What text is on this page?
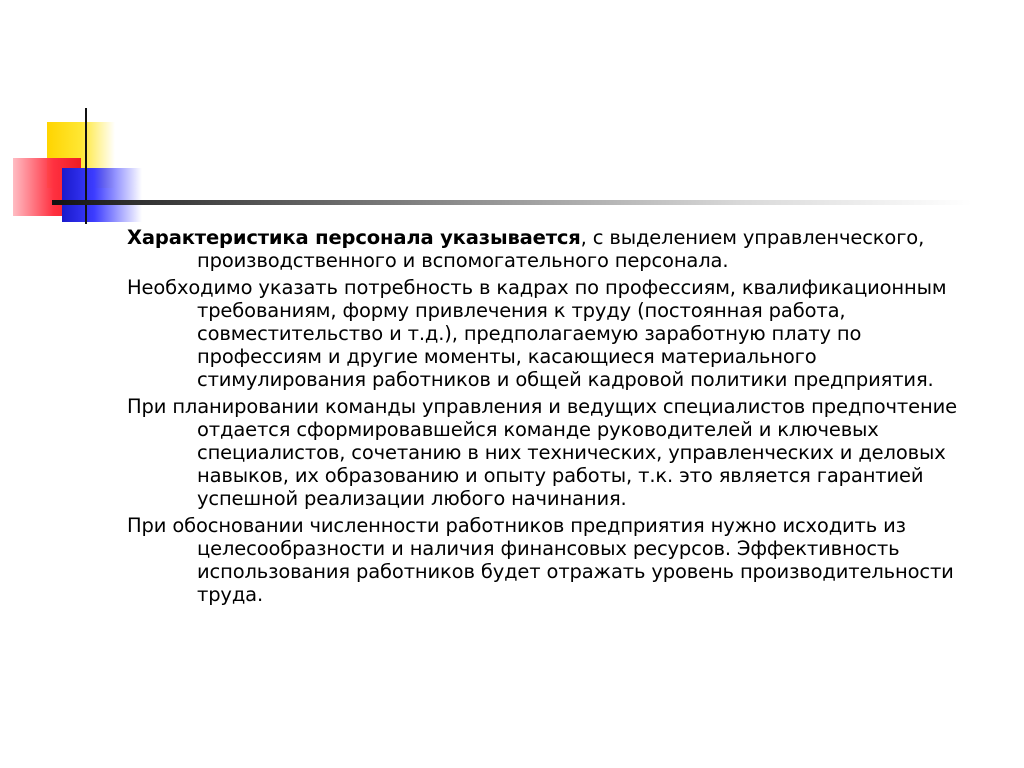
Характеристика персонала указывается, с выделением управленческого, производственного и вспомогательного персонала.

Необходимо указать потребность в кадрах по профессиям, квалификационным требованиям, форму привлечения к труду (постоянная работа, совместительство и т.д.), предполагаемую заработную плату по профессиям и другие моменты, касающиеся материального стимулирования работников и общей кадровой политики предприятия.

При планировании команды управления и ведущих специалистов предпочтение отдается сформировавшейся команде руководителей и ключевых специалистов, сочетанию в них технических, управленческих и деловых навыков, их образованию и опыту работы, т.к. это является гарантией успешной реализации любого начинания.

При обосновании численности работников предприятия нужно исходить из целесообразности и наличия финансовых ресурсов. Эффективность использования работников будет отражать уровень производительности труда.
